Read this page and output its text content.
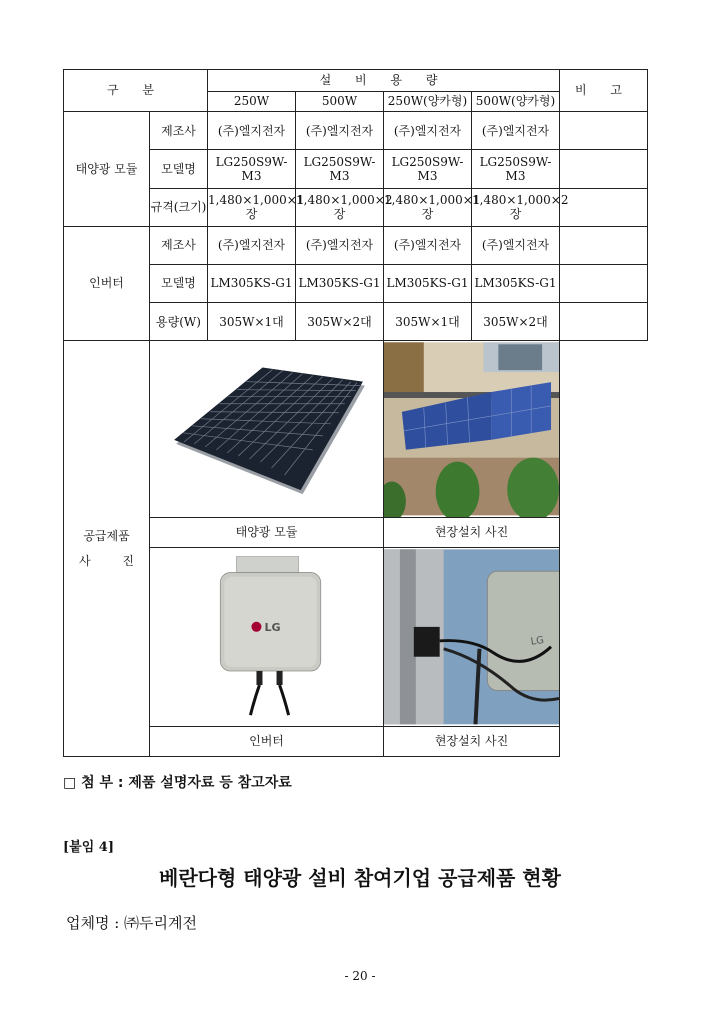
구 분		설 비 용 량				비 고
		250W	500W	250W(양카형)	500W(양카형)	
태양광 모듈	제조사	(주)엘지전자	(주)엘지전자	(주)엘지전자	(주)엘지전자	
	모델명	LG250S9W-M3	LG250S9W-M3	LG250S9W-M3	LG250S9W-M3	
	규격(크기)	1,480×1,000×1장	1,480×1,000×2장	1,480×1,000×1장	1,480×1,000×2장	
인버터	제조사	(주)엘지전자	(주)엘지전자	(주)엘지전자	(주)엘지전자	
	모델명	LM305KS-G1	LM305KS-G1	LM305KS-G1	LM305KS-G1	
	용량(W)	305W×1대	305W×2대	305W×1대	305W×2대	

공급제품
사 진

	태양광 모듈			현장설치 사진		

LG			LG		

	인버터			현장설치 사진		
□ 첨 부 : 제품 설명자료 등 참고자료
[붙임 4]
베란다형 태양광 설비 참여기업 공급제품 현황
업체명 : ㈜두리계전
- 20 -
